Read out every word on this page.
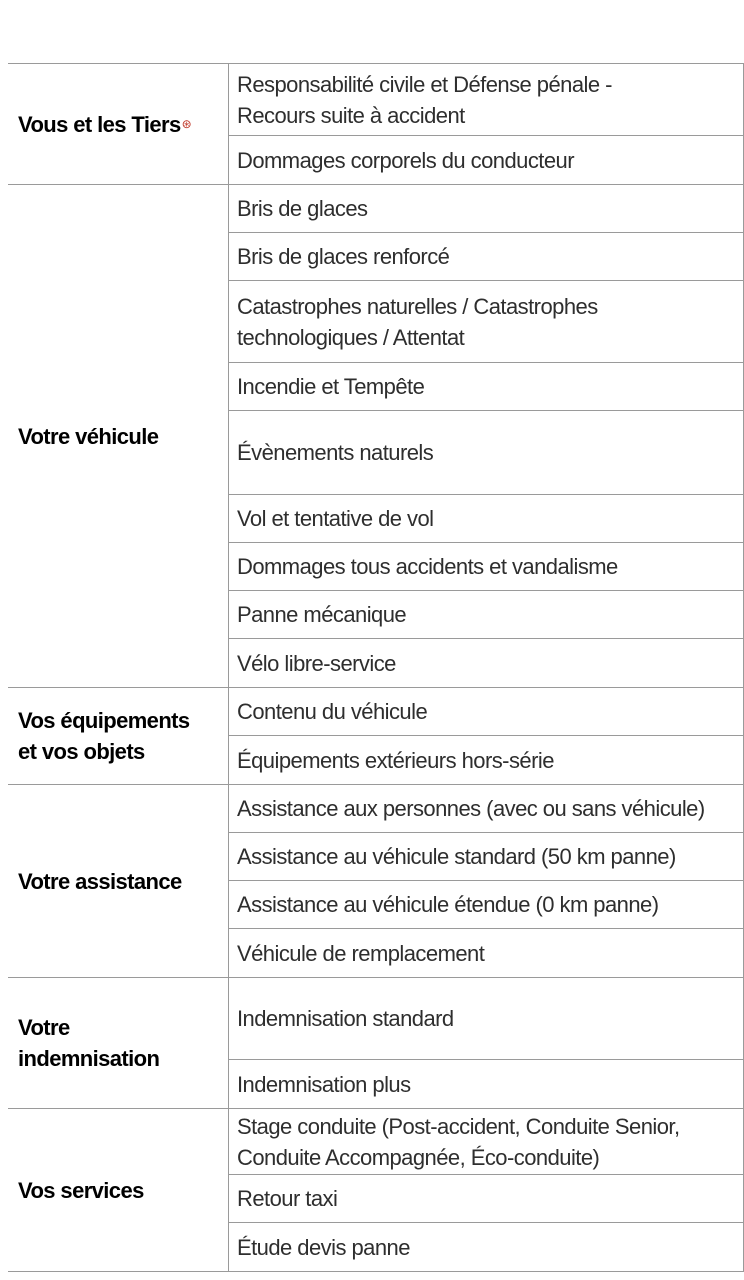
Vous et les Tiers ⊛
Responsabilité civile et Défense pénale -
Recours suite à accident
Dommages corporels du conducteur
Votre véhicule
Bris de glaces
Bris de glaces renforcé
Catastrophes naturelles / Catastrophes
technologiques / Attentat
Incendie et Tempête
Évènements naturels
Vol et tentative de vol
Dommages tous accidents et vandalisme
Panne mécanique
Vélo libre-service
Vos équipements
et vos objets
Contenu du véhicule
Équipements extérieurs hors-série
Votre assistance
Assistance aux personnes (avec ou sans véhicule)
Assistance au véhicule standard (50 km panne)
Assistance au véhicule étendue (0 km panne)
Véhicule de remplacement
Votre
indemnisation
Indemnisation standard
Indemnisation plus
Vos services
Stage conduite (Post-accident, Conduite Senior,
Conduite Accompagnée, Éco-conduite)
Retour taxi
Étude devis panne
